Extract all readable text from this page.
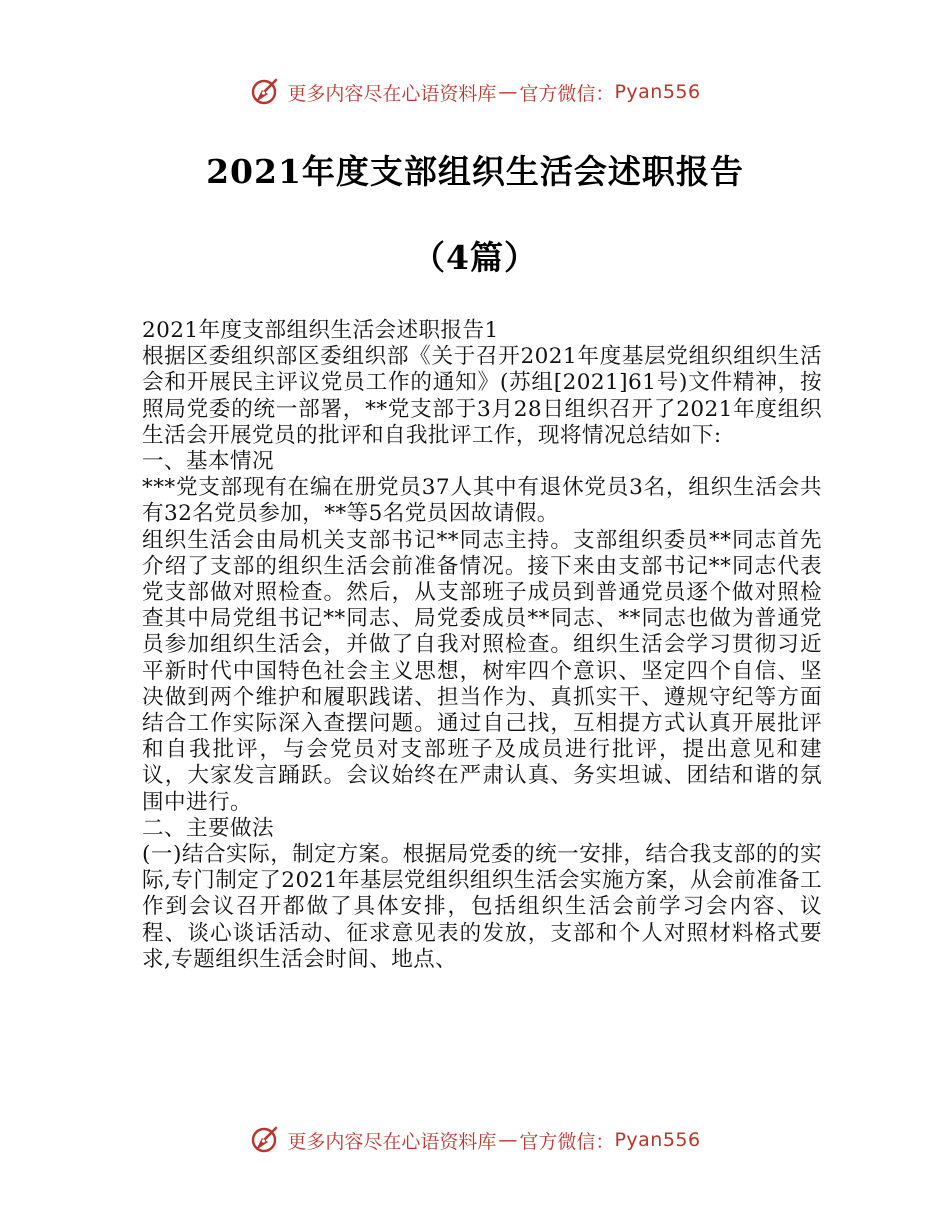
更多内容尽在心语资料库 — 官方微信： Pyan556
2021年度支部组织生活会述职报告
（4篇）

2021年度支部组织生活会述职报告1

根据区委组织部区委组织部《关于召开2021年度基层党组织组织生活会和开展民主评议党员工作的通知》(苏组[2021]61号)文件精神，按照局党委的统一部署，**党支部于3月28日组织召开了2021年度组织生活会开展党员的批评和自我批评工作，现将情况总结如下:

一、基本情况

***党支部现有在编在册党员37人其中有退休党员3名，组织生活会共有32名党员参加，**等5名党员因故请假。

组织生活会由局机关支部书记**同志主持。支部组织委员**同志首先介绍了支部的组织生活会前准备情况。接下来由支部书记**同志代表党支部做对照检查。然后，从支部班子成员到普通党员逐个做对照检查其中局党组书记**同志、局党委成员**同志、**同志也做为普通党员参加组织生活会，并做了自我对照检查。组织生活会学习贯彻习近平新时代中国特色社会主义思想，树牢四个意识、坚定四个自信、坚决做到两个维护和履职践诺、担当作为、真抓实干、遵规守纪等方面结合工作实际深入查摆问题。通过自己找，互相提方式认真开展批评和自我批评，与会党员对支部班子及成员进行批评，提出意见和建议，大家发言踊跃。会议始终在严肃认真、务实坦诚、团结和谐的氛围中进行。

二、主要做法

(一)结合实际，制定方案。根据局党委的统一安排，结合我支部的的实际,专门制定了2021年基层党组织组织生活会实施方案，从会前准备工作到会议召开都做了具体安排，包括组织生活会前学习会内容、议程、谈心谈话活动、征求意见表的发放，支部和个人对照材料格式要求,专题组织生活会时间、地点、

更多内容尽在心语资料库 — 官方微信： Pyan556
